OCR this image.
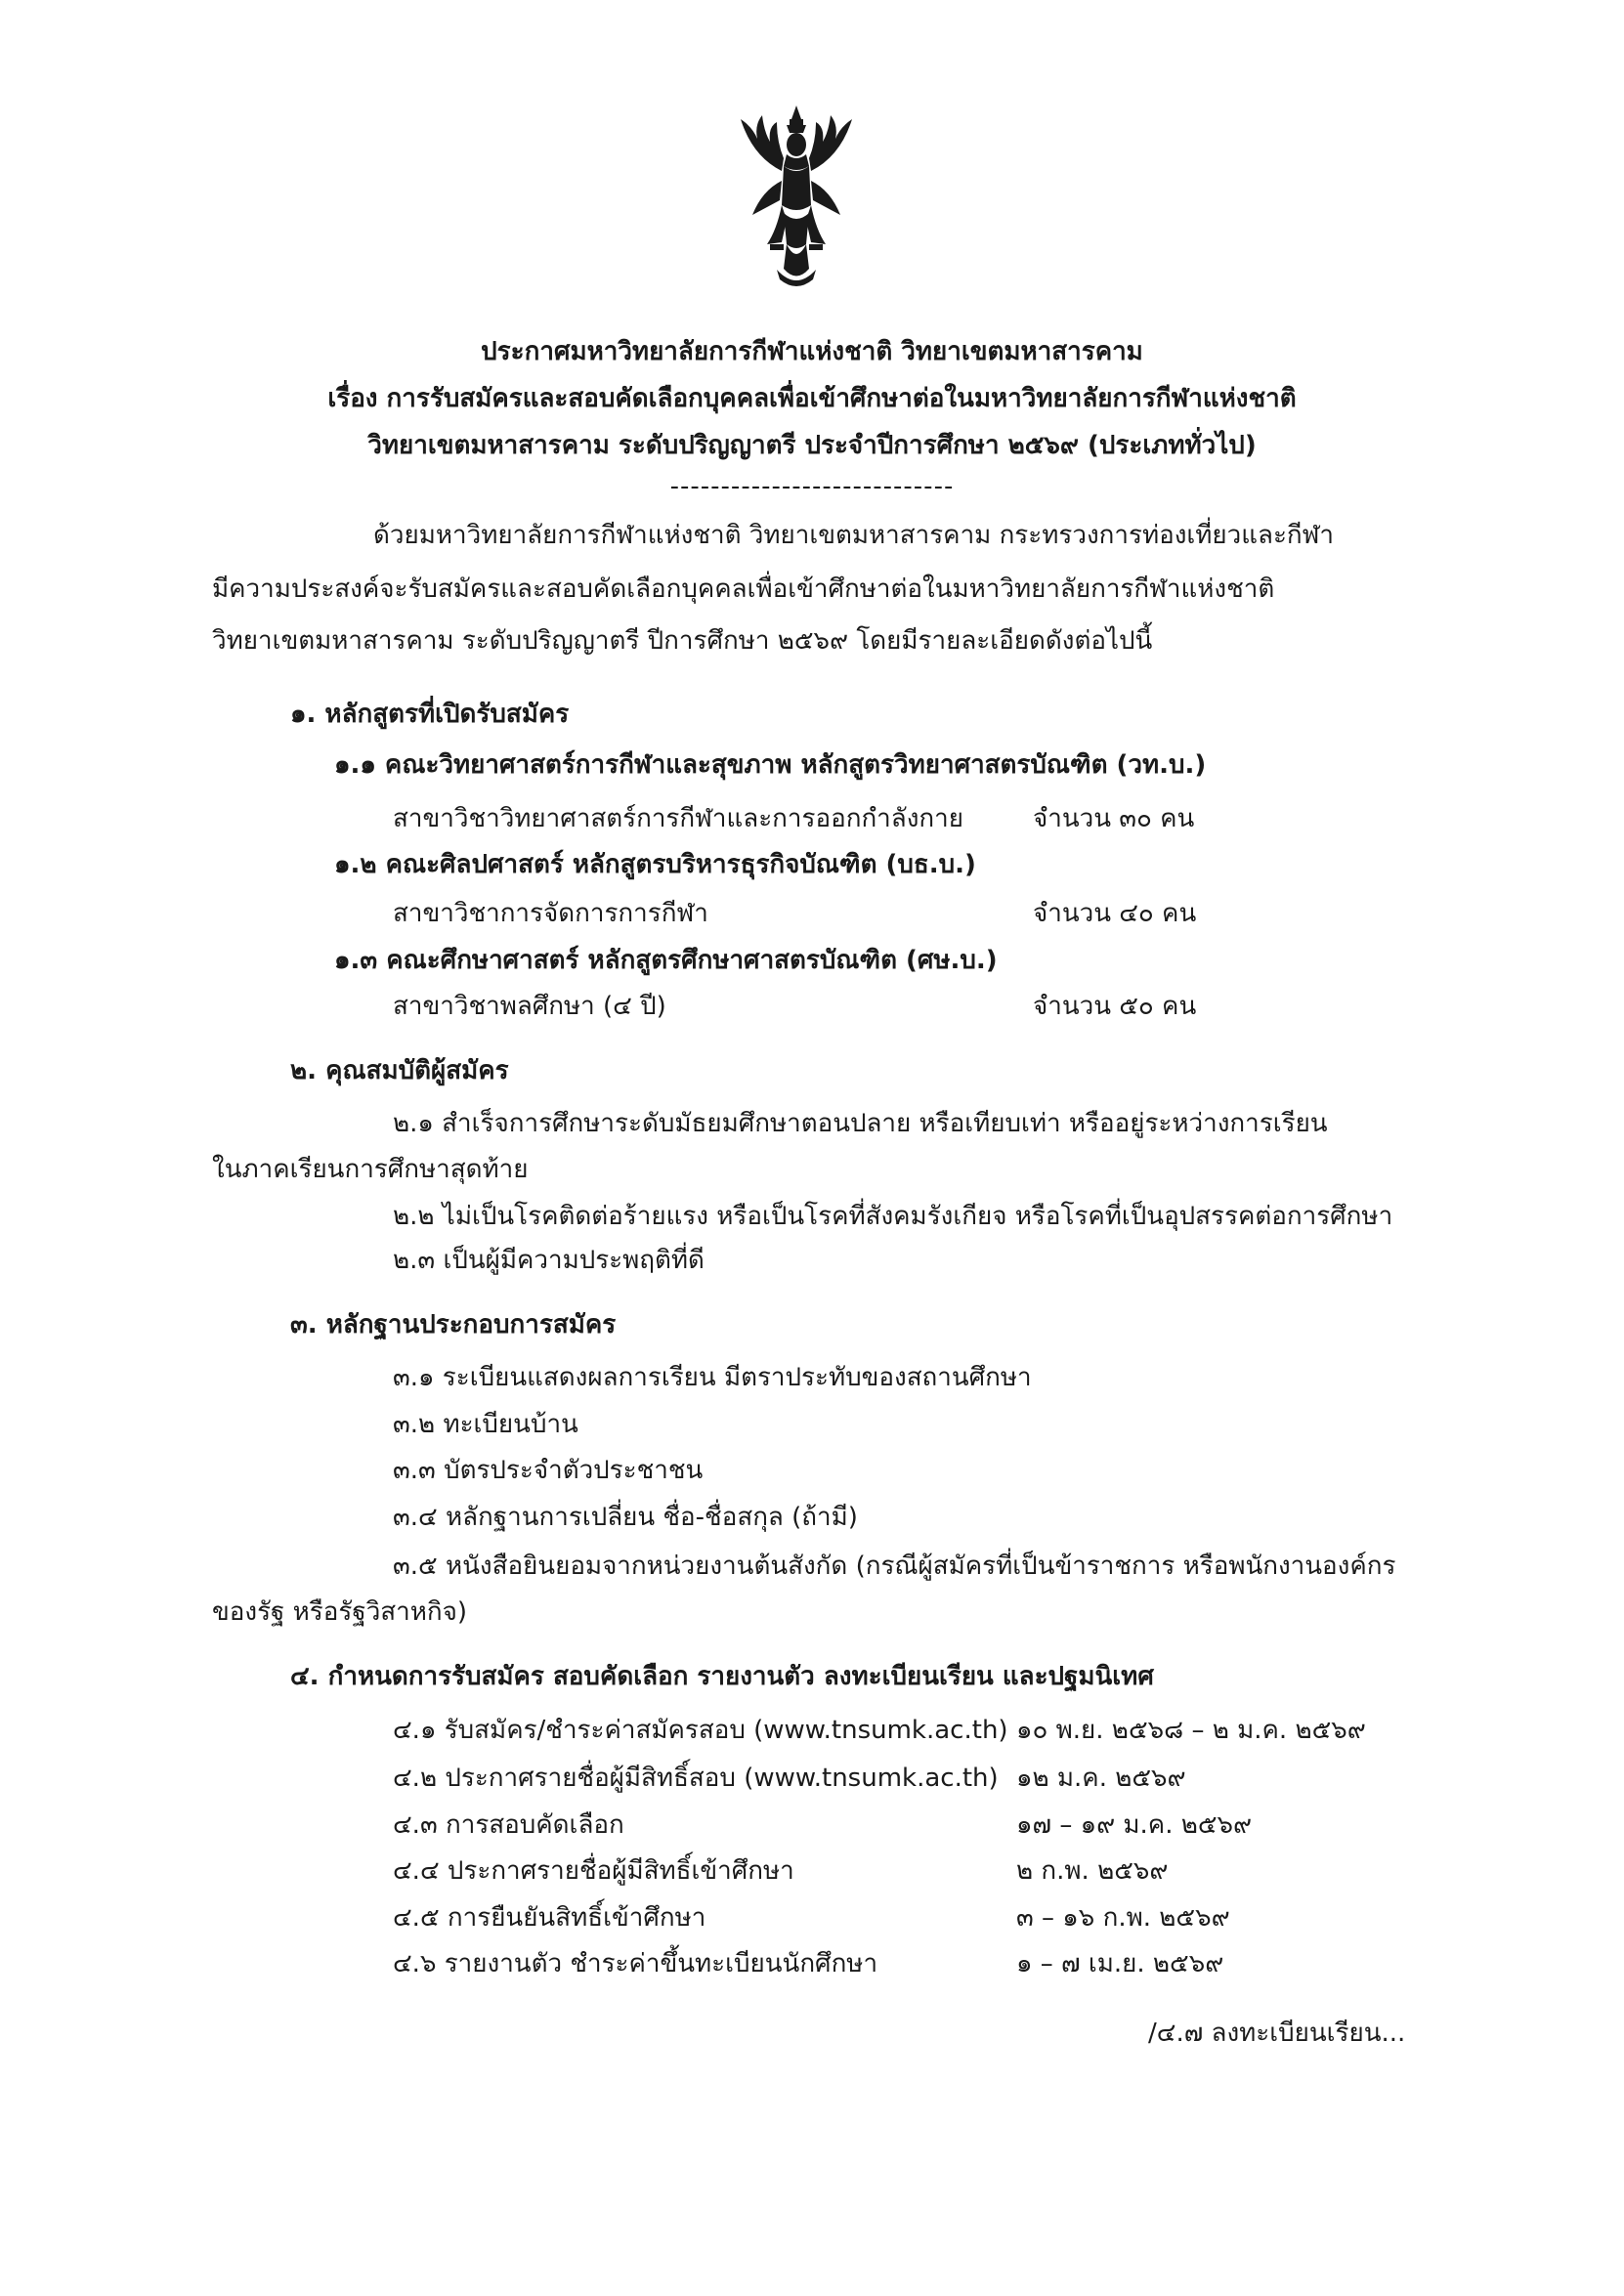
ประกาศมหาวิทยาลัยการกีฬาแห่งชาติ วิทยาเขตมหาสารคาม
เรื่อง การรับสมัครและสอบคัดเลือกบุคคลเพื่อเข้าศึกษาต่อในมหาวิทยาลัยการกีฬาแห่งชาติ
วิทยาเขตมหาสารคาม ระดับปริญญาตรี ประจำปีการศึกษา ๒๕๖๙ (ประเภททั่วไป)
----------------------------
ด้วยมหาวิทยาลัยการกีฬาแห่งชาติ วิทยาเขตมหาสารคาม กระทรวงการท่องเที่ยวและกีฬา
มีความประสงค์จะรับสมัครและสอบคัดเลือกบุคคลเพื่อเข้าศึกษาต่อในมหาวิทยาลัยการกีฬาแห่งชาติ
วิทยาเขตมหาสารคาม ระดับปริญญาตรี ปีการศึกษา ๒๕๖๙ โดยมีรายละเอียดดังต่อไปนี้
๑. หลักสูตรที่เปิดรับสมัคร
๑.๑ คณะวิทยาศาสตร์การกีฬาและสุขภาพ หลักสูตรวิทยาศาสตรบัณฑิต (วท.บ.)
สาขาวิชาวิทยาศาสตร์การกีฬาและการออกกำลังกาย	จำนวน ๓๐ คน
๑.๒ คณะศิลปศาสตร์ หลักสูตรบริหารธุรกิจบัณฑิต (บธ.บ.)
สาขาวิชาการจัดการการกีฬา	จำนวน ๔๐ คน
๑.๓ คณะศึกษาศาสตร์ หลักสูตรศึกษาศาสตรบัณฑิต (ศษ.บ.)
สาขาวิชาพลศึกษา (๔ ปี)	จำนวน ๕๐ คน
๒. คุณสมบัติผู้สมัคร
๒.๑ สำเร็จการศึกษาระดับมัธยมศึกษาตอนปลาย หรือเทียบเท่า หรืออยู่ระหว่างการเรียน
ในภาคเรียนการศึกษาสุดท้าย
๒.๒ ไม่เป็นโรคติดต่อร้ายแรง หรือเป็นโรคที่สังคมรังเกียจ หรือโรคที่เป็นอุปสรรคต่อการศึกษา
๒.๓ เป็นผู้มีความประพฤติที่ดี
๓. หลักฐานประกอบการสมัคร
๓.๑ ระเบียนแสดงผลการเรียน มีตราประทับของสถานศึกษา
๓.๒ ทะเบียนบ้าน
๓.๓ บัตรประจำตัวประชาชน
๓.๔ หลักฐานการเปลี่ยน ชื่อ-ชื่อสกุล (ถ้ามี)
๓.๕ หนังสือยินยอมจากหน่วยงานต้นสังกัด (กรณีผู้สมัครที่เป็นข้าราชการ หรือพนักงานองค์กร
ของรัฐ หรือรัฐวิสาหกิจ)
๔. กำหนดการรับสมัคร สอบคัดเลือก รายงานตัว ลงทะเบียนเรียน และปฐมนิเทศ
๔.๑ รับสมัคร/ชำระค่าสมัครสอบ (www.tnsumk.ac.th) ๑๐ พ.ย. ๒๕๖๘ – ๒ ม.ค. ๒๕๖๙
๔.๒ ประกาศรายชื่อผู้มีสิทธิ์สอบ (www.tnsumk.ac.th) ๑๒ ม.ค. ๒๕๖๙
๔.๓ การสอบคัดเลือก	๑๗ – ๑๙ ม.ค. ๒๕๖๙
๔.๔ ประกาศรายชื่อผู้มีสิทธิ์เข้าศึกษา	๒ ก.พ. ๒๕๖๙
๔.๕ การยืนยันสิทธิ์เข้าศึกษา	๓ – ๑๖ ก.พ. ๒๕๖๙
๔.๖ รายงานตัว ชำระค่าขึ้นทะเบียนนักศึกษา	๑ – ๗ เม.ย. ๒๕๖๙
/๔.๗ ลงทะเบียนเรียน...
